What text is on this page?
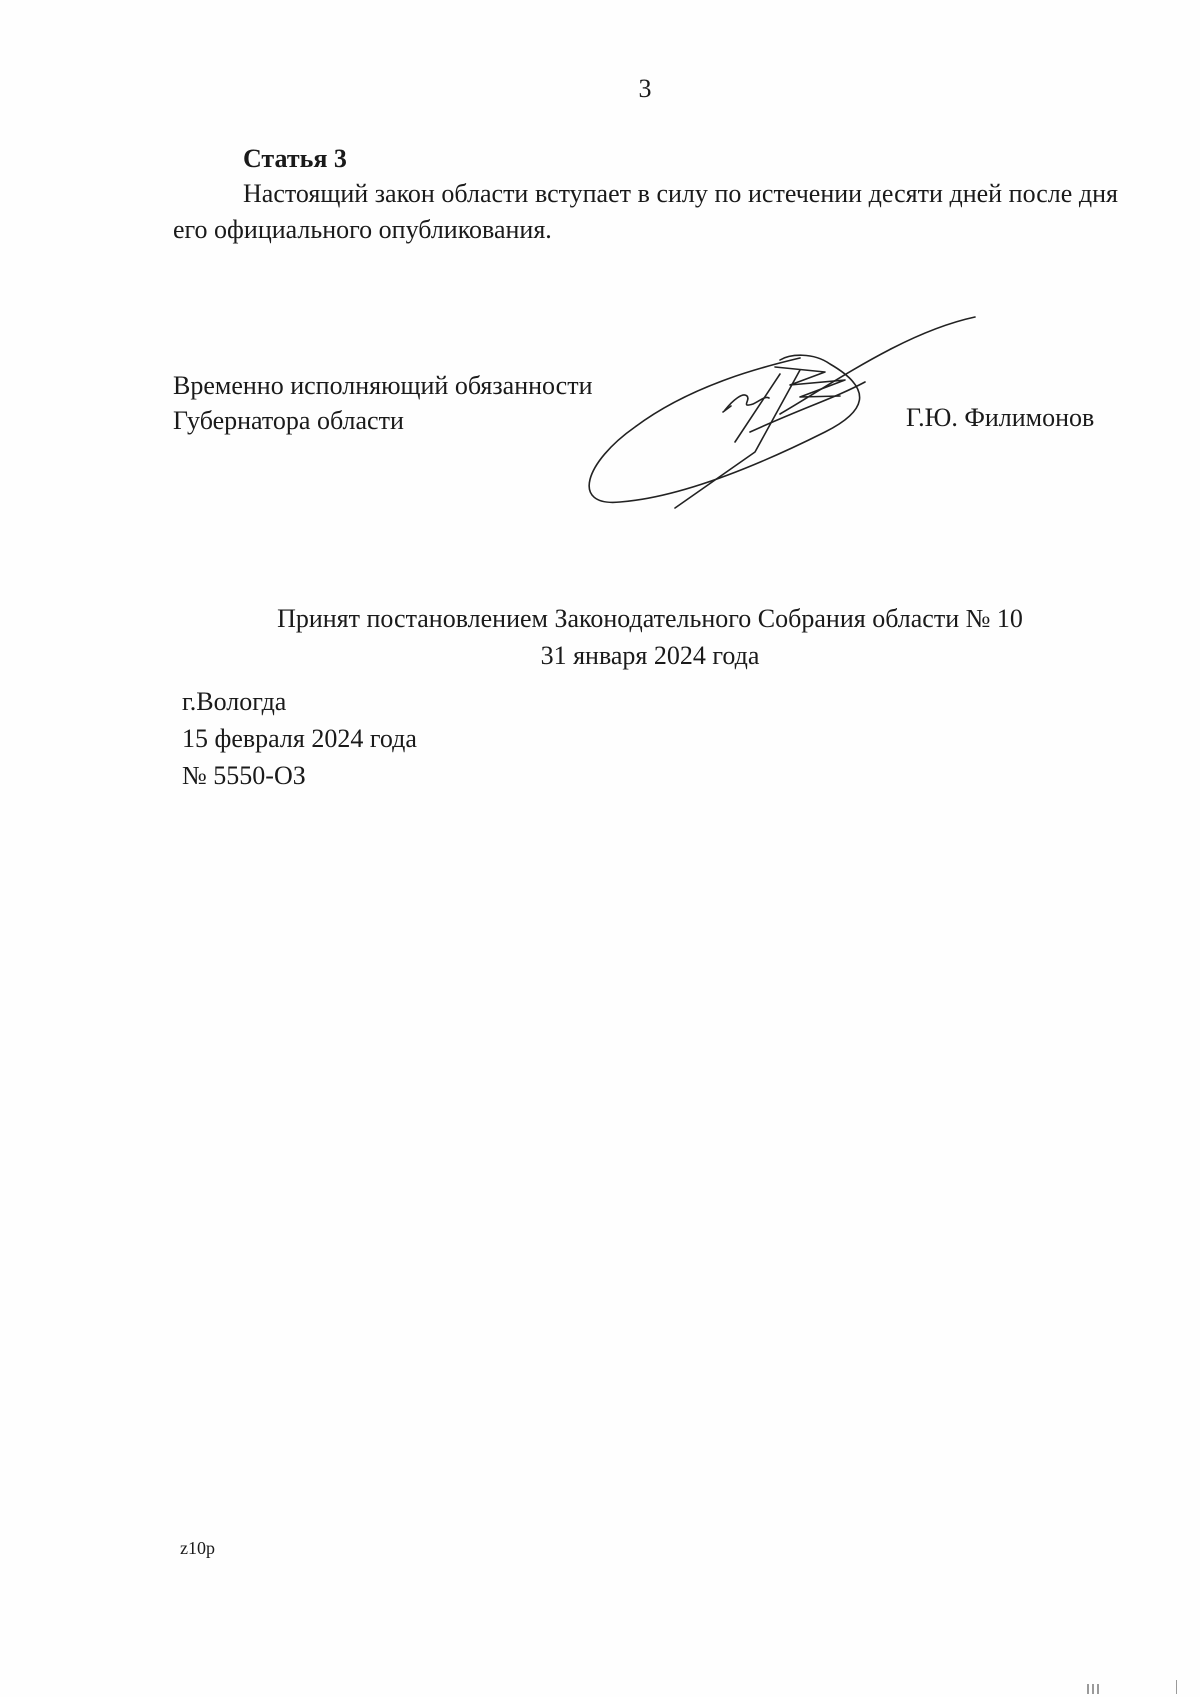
3
Статья 3
Настоящий закон области вступает в силу по истечении десяти дней после дня его официального опубликования.
Временно исполняющий обязанности
Губернатора области	Г.Ю. Филимонов
Принят постановлением Законодательного Собрания области № 10
31 января 2024 года
г.Вологда
15 февраля 2024 года
№ 5550-ОЗ
z10p
